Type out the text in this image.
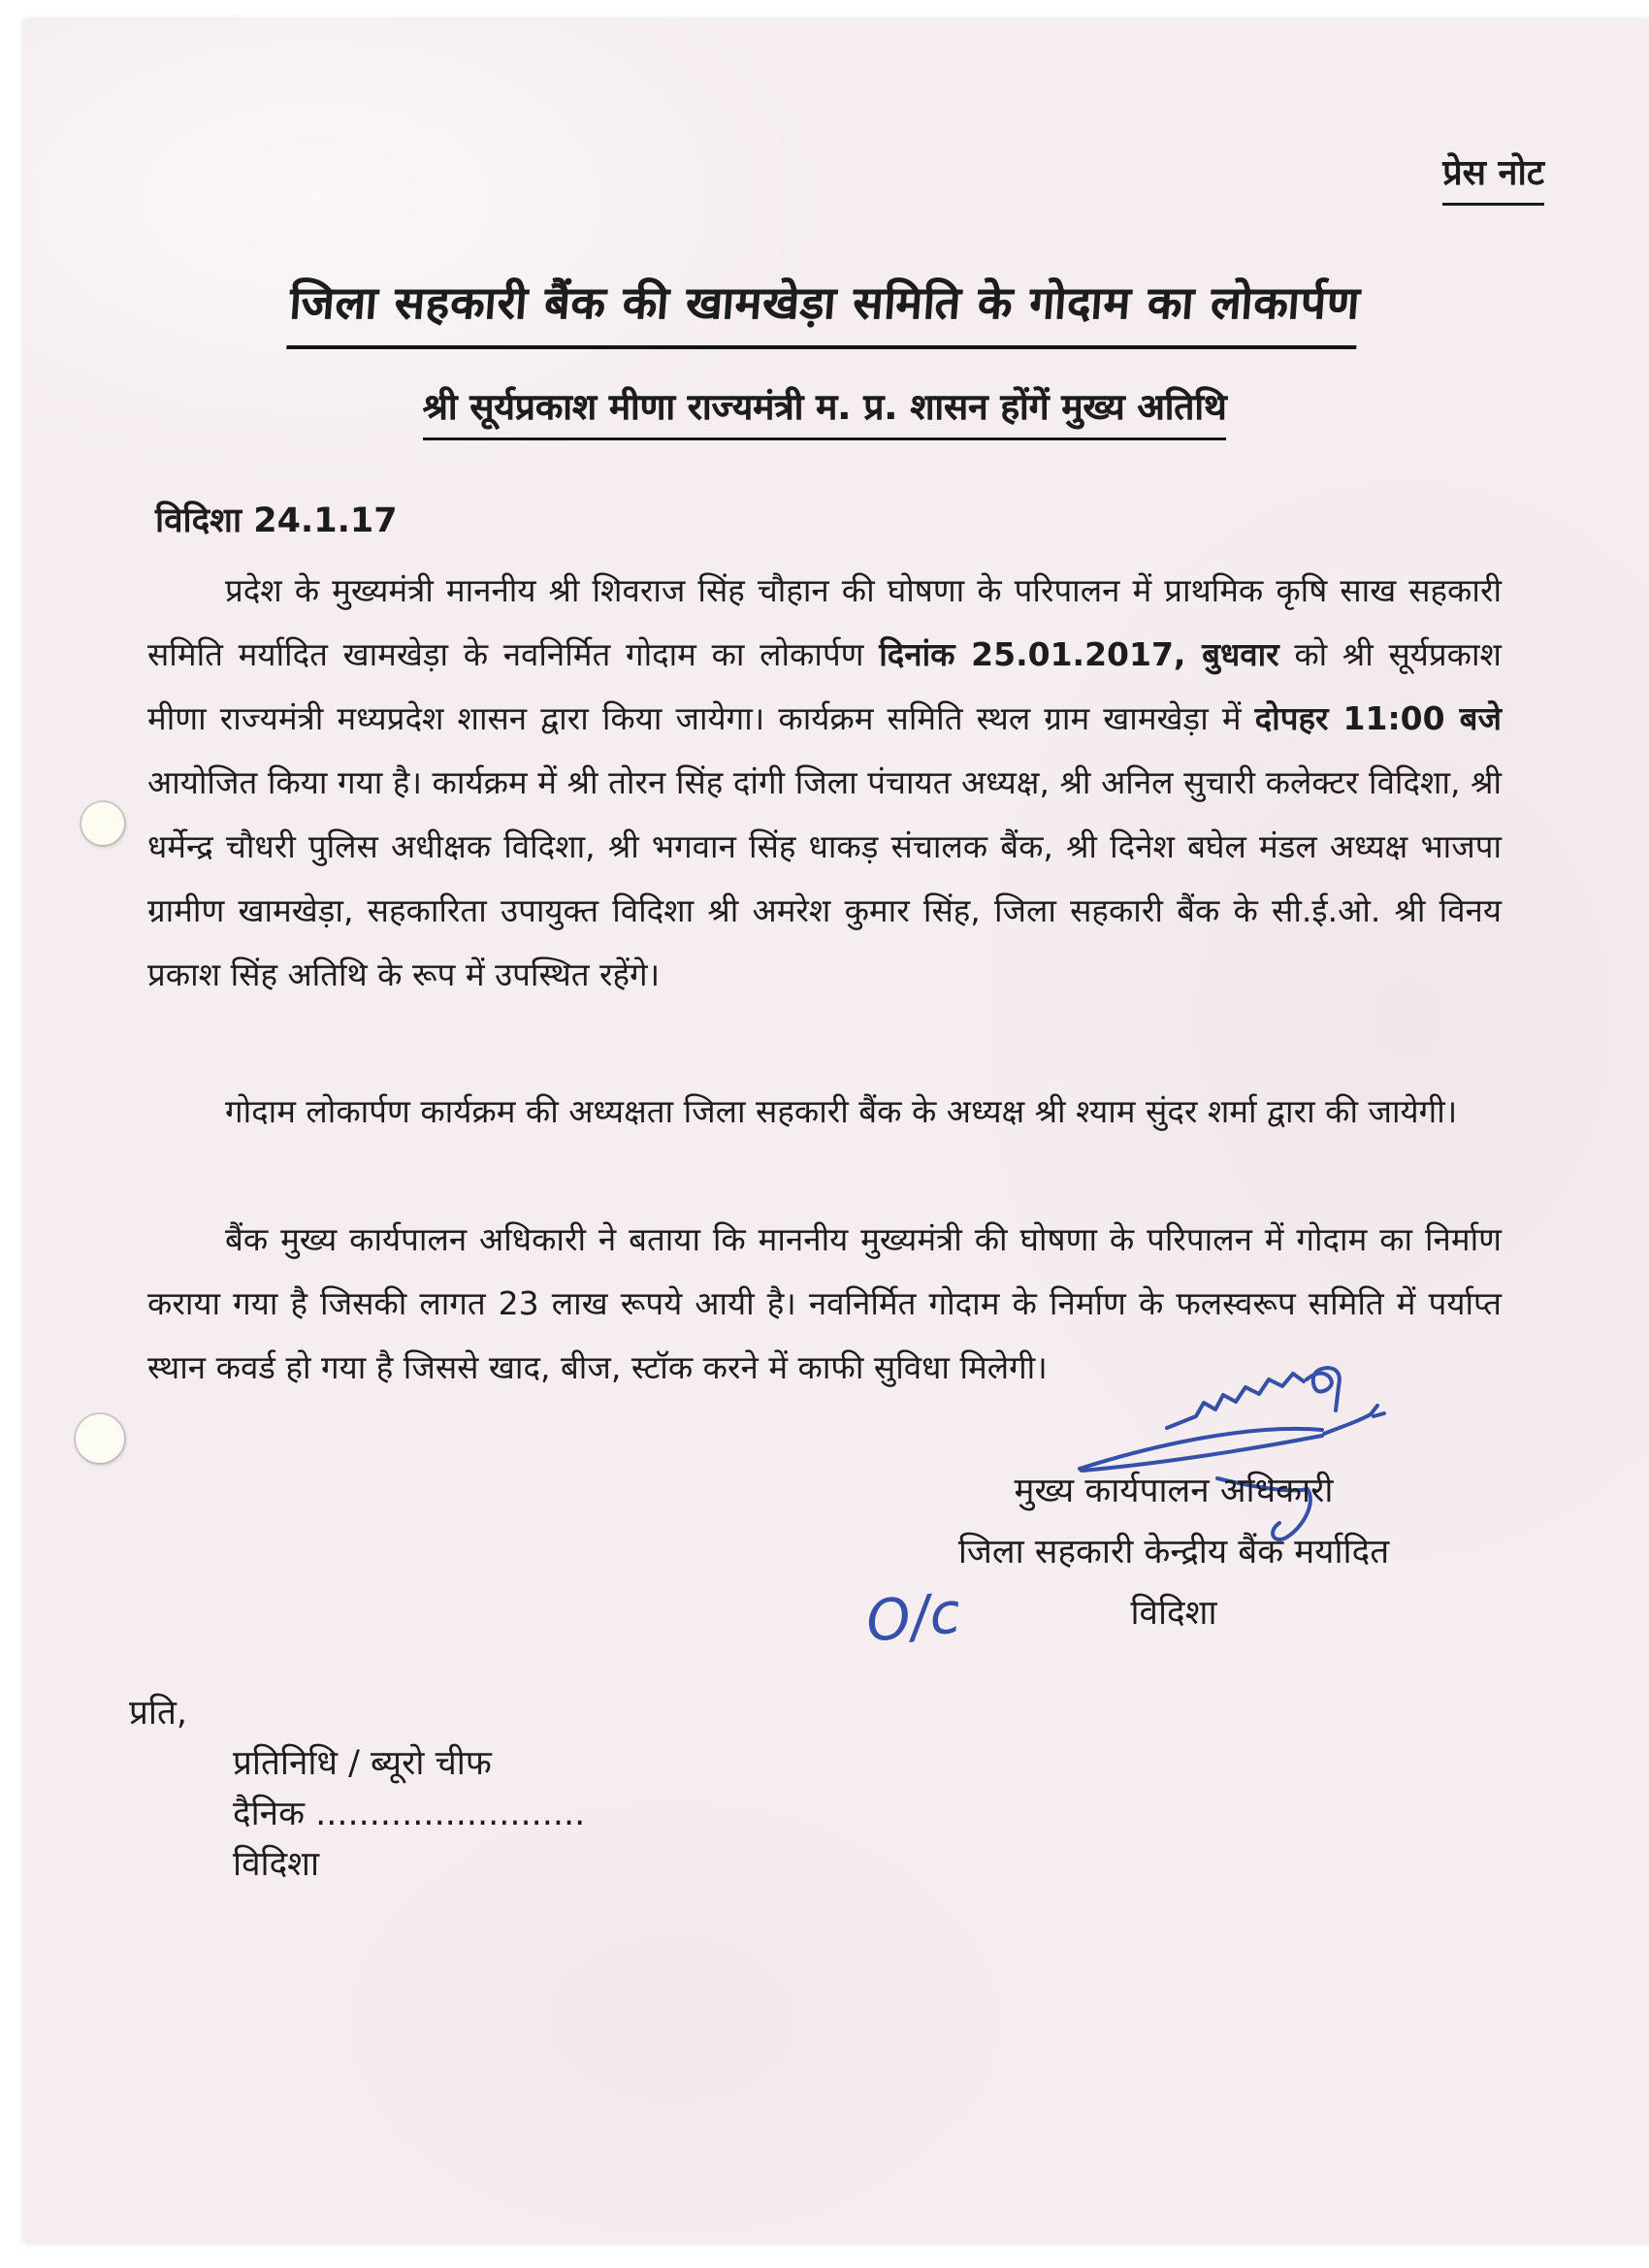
प्रेस नोट
जिला सहकारी बैंक की खामखेड़ा समिति के गोदाम का लोकार्पण
श्री सूर्यप्रकाश मीणा राज्यमंत्री म. प्र. शासन होंगें मुख्य अतिथि
विदिशा 24.1.17

प्रदेश के मुख्यमंत्री माननीय श्री शिवराज सिंह चौहान की घोषणा के परिपालन में प्राथमिक कृषि साख सहकारी समिति मर्यादित खामखेड़ा के नवनिर्मित गोदाम का लोकार्पण दिनांक 25.01.2017, बुधवार को श्री सूर्यप्रकाश मीणा राज्यमंत्री मध्यप्रदेश शासन द्वारा किया जायेगा। कार्यक्रम समिति स्थल ग्राम खामखेड़ा में दोपहर 11:00 बजे आयोजित किया गया है। कार्यक्रम में श्री तोरन सिंह दांगी जिला पंचायत अध्यक्ष, श्री अनिल सुचारी कलेक्टर विदिशा, श्री धर्मेन्द्र चौधरी पुलिस अधीक्षक विदिशा, श्री भगवान सिंह धाकड़ संचालक बैंक, श्री दिनेश बघेल मंडल अध्यक्ष भाजपा ग्रामीण खामखेड़ा, सहकारिता उपायुक्त विदिशा श्री अमरेश कुमार सिंह, जिला सहकारी बैंक के सी.ई.ओ. श्री विनय प्रकाश सिंह अतिथि के रूप में उपस्थित रहेंगे।

गोदाम लोकार्पण कार्यक्रम की अध्यक्षता जिला सहकारी बैंक के अध्यक्ष श्री श्याम सुंदर शर्मा द्वारा की जायेगी।

बैंक मुख्य कार्यपालन अधिकारी ने बताया कि माननीय मुख्यमंत्री की घोषणा के परिपालन में गोदाम का निर्माण कराया गया है जिसकी लागत 23 लाख रूपये आयी है। नवनिर्मित गोदाम के निर्माण के फलस्वरूप समिति में पर्याप्त स्थान कवर्ड हो गया है जिससे खाद, बीज, स्टॉक करने में काफी सुविधा मिलेगी।

मुख्य कार्यपालन अधिकारी
जिला सहकारी केन्द्रीय बैंक मर्यादित
विदिशा
O/c
प्रति,
प्रतिनिधि / ब्यूरो चीफ
दैनिक .........................
विदिशा
